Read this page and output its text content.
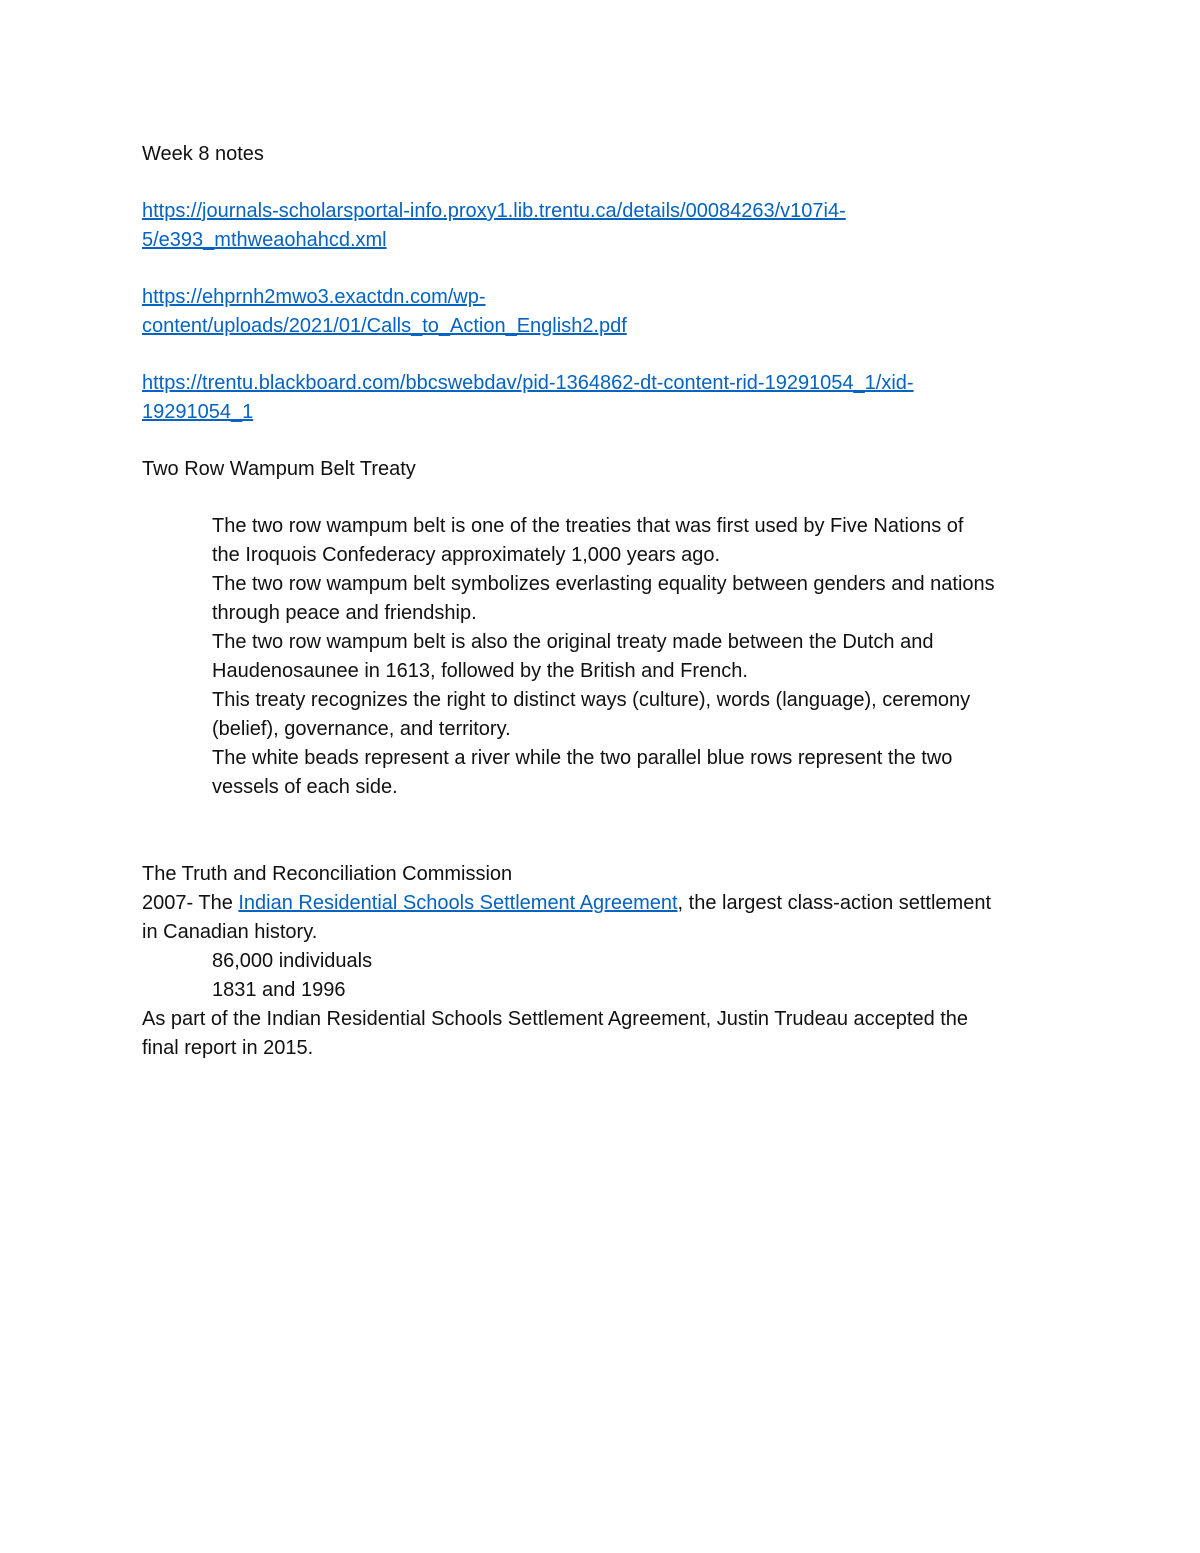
Week 8 notes
https://journals-scholarsportal-info.proxy1.lib.trentu.ca/details/00084263/v107i4-
5/e393_mthweaohahcd.xml
https://ehprnh2mwo3.exactdn.com/wp-
content/uploads/2021/01/Calls_to_Action_English2.pdf
https://trentu.blackboard.com/bbcswebdav/pid-1364862-dt-content-rid-19291054_1/xid-
19291054_1
Two Row Wampum Belt Treaty
The two row wampum belt is one of the treaties that was first used by Five Nations of
the Iroquois Confederacy approximately 1,000 years ago.
The two row wampum belt symbolizes everlasting equality between genders and nations
through peace and friendship.
The two row wampum belt is also the original treaty made between the Dutch and
Haudenosaunee in 1613, followed by the British and French.
This treaty recognizes the right to distinct ways (culture), words (language), ceremony
(belief), governance, and territory.
The white beads represent a river while the two parallel blue rows represent the two
vessels of each side.
The Truth and Reconciliation Commission
2007- The Indian Residential Schools Settlement Agreement, the largest class-action settlement
in Canadian history.
86,000 individuals
1831 and 1996
As part of the Indian Residential Schools Settlement Agreement, Justin Trudeau accepted the
final report in 2015.
